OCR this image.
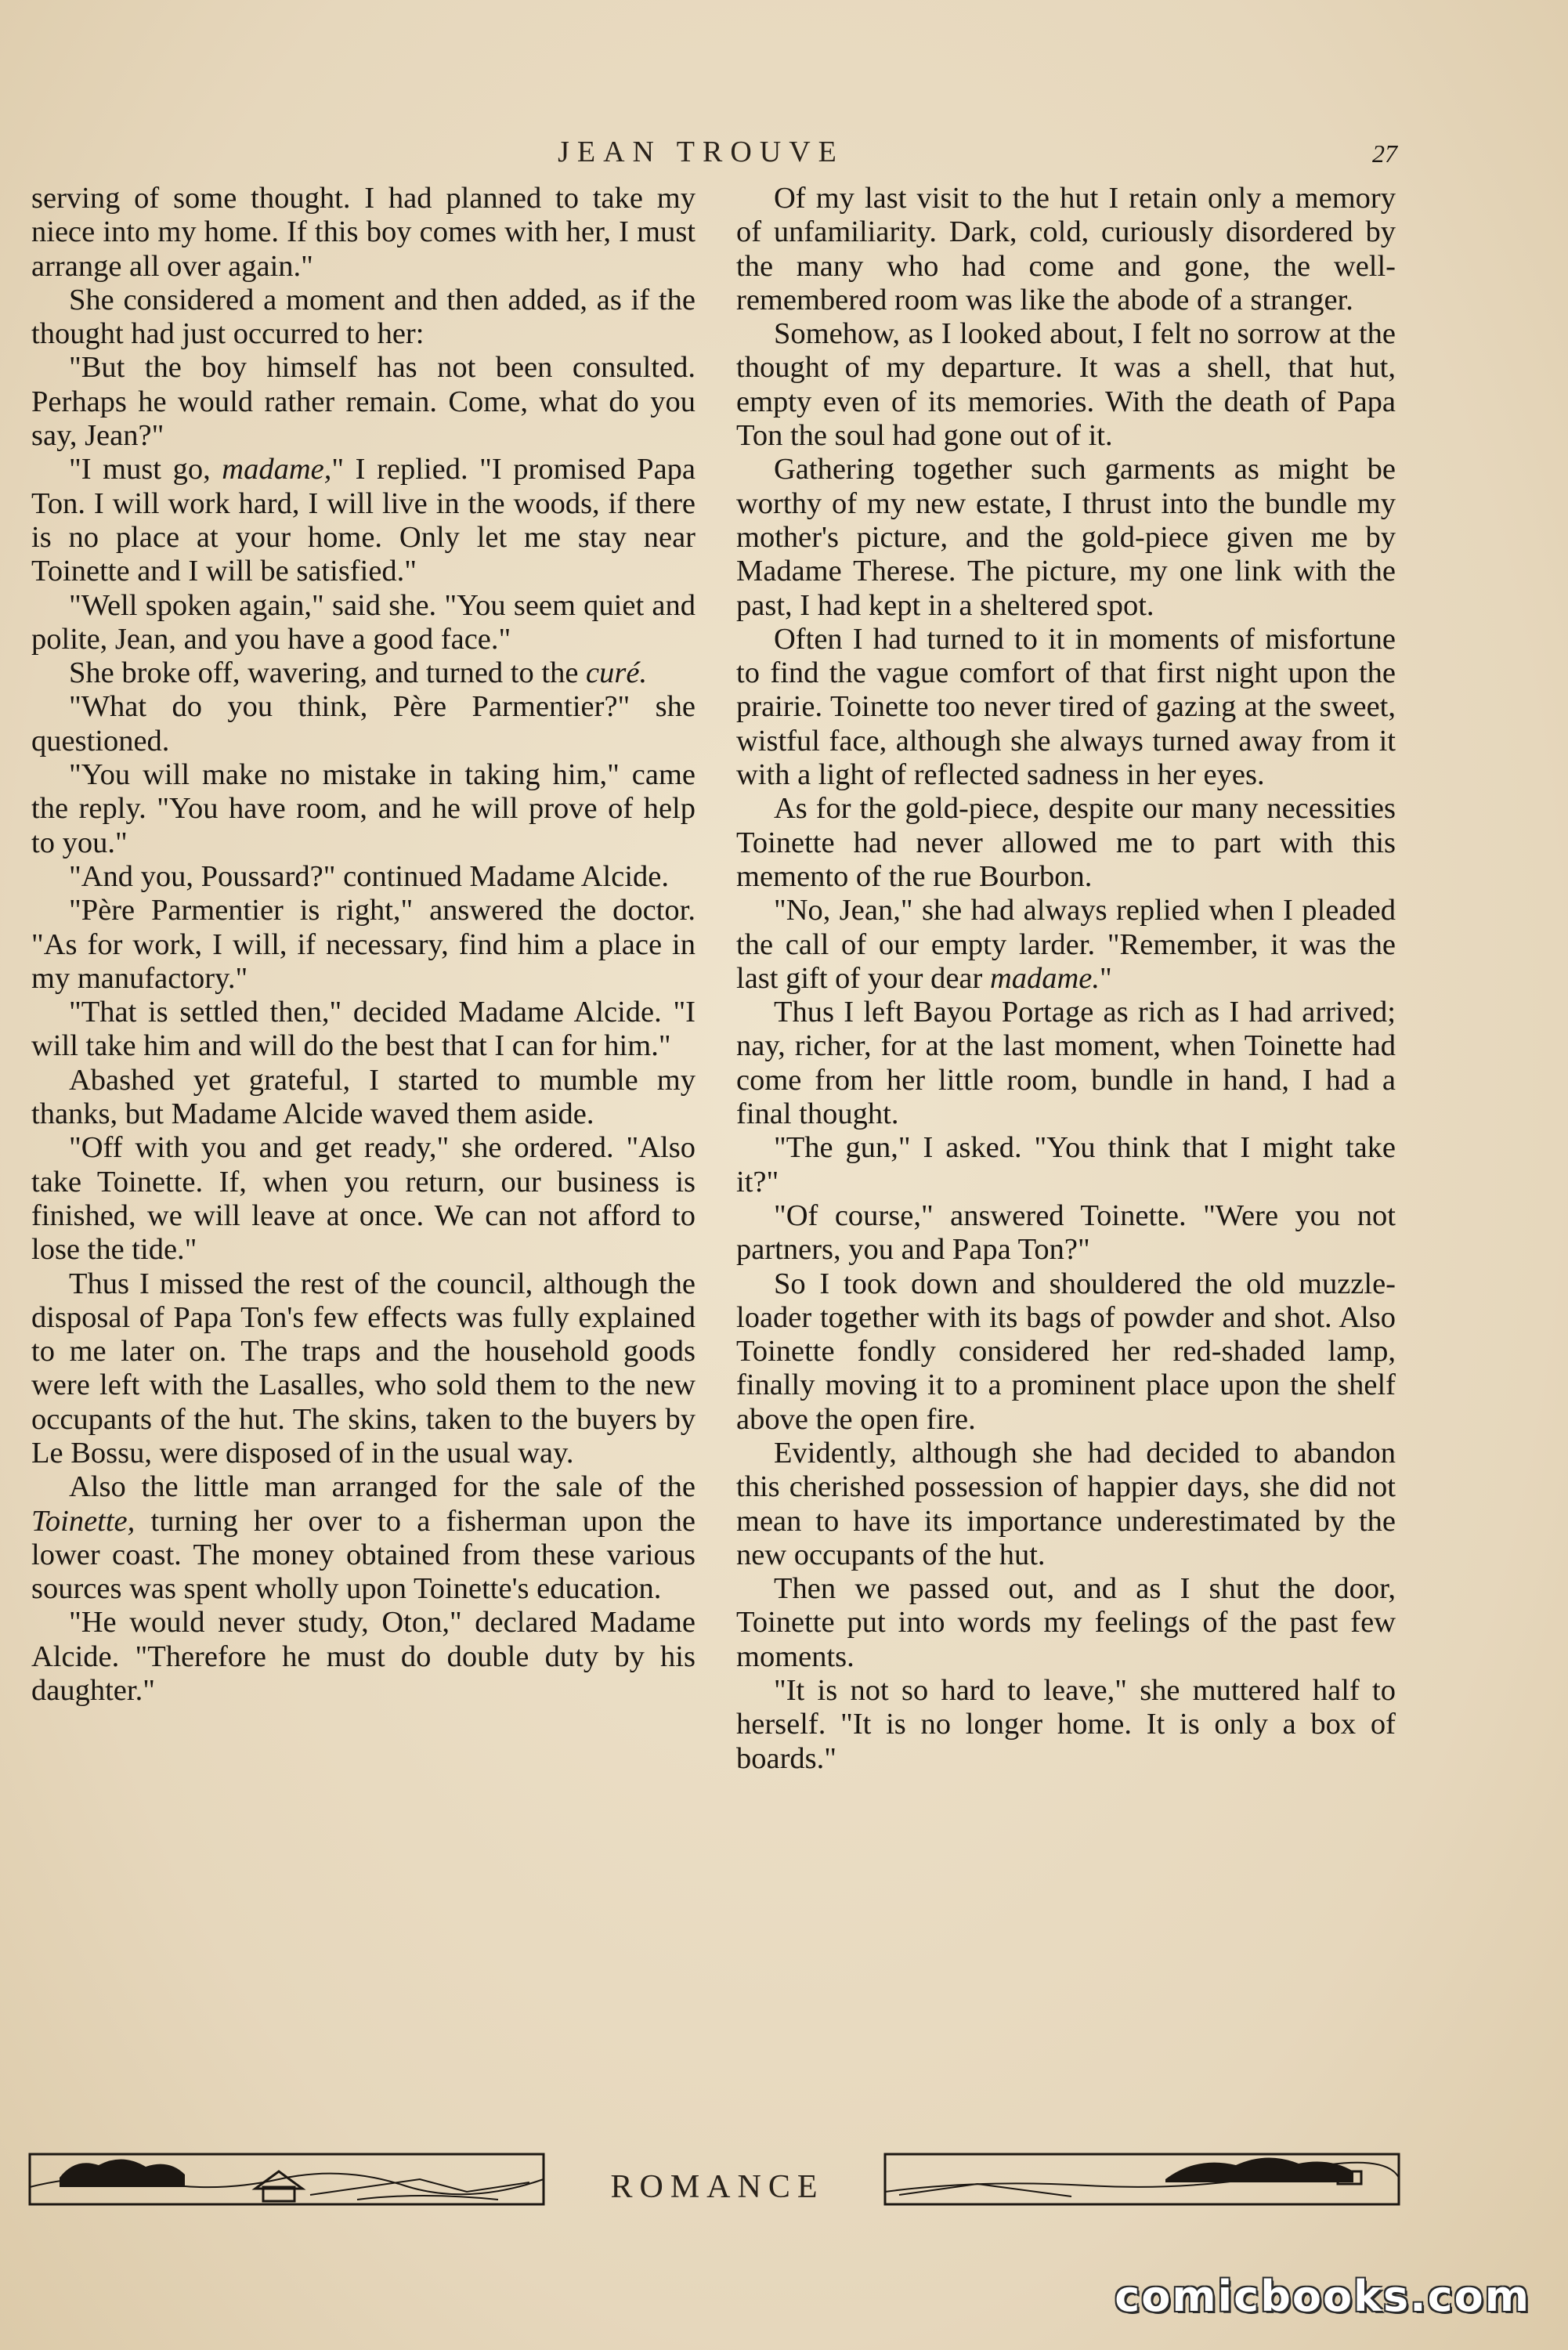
JEAN TROUVE	27

serving of some thought. I had planned to take my niece into my home. If this boy comes with her, I must arrange all over again."

She considered a moment and then added, as if the thought had just occurred to her:

"But the boy himself has not been consulted. Perhaps he would rather remain. Come, what do you say, Jean?"

"I must go, madame," I replied. "I promised Papa Ton. I will work hard, I will live in the woods, if there is no place at your home. Only let me stay near Toinette and I will be satisfied."

"Well spoken again," said she. "You seem quiet and polite, Jean, and you have a good face."

She broke off, wavering, and turned to the curé.

"What do you think, Père Parmentier?" she questioned.

"You will make no mistake in taking him," came the reply. "You have room, and he will prove of help to you."

"And you, Poussard?" continued Madame Alcide.

"Père Parmentier is right," answered the doctor. "As for work, I will, if necessary, find him a place in my manufactory."

"That is settled then," decided Madame Alcide. "I will take him and will do the best that I can for him."

Abashed yet grateful, I started to mumble my thanks, but Madame Alcide waved them aside.

"Off with you and get ready," she ordered. "Also take Toinette. If, when you return, our business is finished, we will leave at once. We can not afford to lose the tide."

Thus I missed the rest of the council, although the disposal of Papa Ton's few effects was fully explained to me later on. The traps and the household goods were left with the Lasalles, who sold them to the new occupants of the hut. The skins, taken to the buyers by Le Bossu, were disposed of in the usual way.

Also the little man arranged for the sale of the Toinette, turning her over to a fisherman upon the lower coast. The money obtained from these various sources was spent wholly upon Toinette's education.

"He would never study, Oton," declared Madame Alcide. "Therefore he must do double duty by his daughter."

Of my last visit to the hut I retain only a memory of unfamiliarity. Dark, cold, curiously disordered by the many who had come and gone, the well-remembered room was like the abode of a stranger.

Somehow, as I looked about, I felt no sorrow at the thought of my departure. It was a shell, that hut, empty even of its memories. With the death of Papa Ton the soul had gone out of it.

Gathering together such garments as might be worthy of my new estate, I thrust into the bundle my mother's picture, and the gold-piece given me by Madame Therese. The picture, my one link with the past, I had kept in a sheltered spot.

Often I had turned to it in moments of misfortune to find the vague comfort of that first night upon the prairie. Toinette too never tired of gazing at the sweet, wistful face, although she always turned away from it with a light of reflected sadness in her eyes.

As for the gold-piece, despite our many necessities Toinette had never allowed me to part with this memento of the rue Bourbon.

"No, Jean," she had always replied when I pleaded the call of our empty larder. "Remember, it was the last gift of your dear madame."

Thus I left Bayou Portage as rich as I had arrived; nay, richer, for at the last moment, when Toinette had come from her little room, bundle in hand, I had a final thought.

"The gun," I asked. "You think that I might take it?"

"Of course," answered Toinette. "Were you not partners, you and Papa Ton?"

So I took down and shouldered the old muzzle-loader together with its bags of powder and shot. Also Toinette fondly considered her red-shaded lamp, finally moving it to a prominent place upon the shelf above the open fire.

Evidently, although she had decided to abandon this cherished possession of happier days, she did not mean to have its importance underestimated by the new occupants of the hut.

Then we passed out, and as I shut the door, Toinette put into words my feelings of the past few moments.

"It is not so hard to leave," she muttered half to herself. "It is no longer home. It is only a box of boards."

ROMANCE
comicbooks.com
